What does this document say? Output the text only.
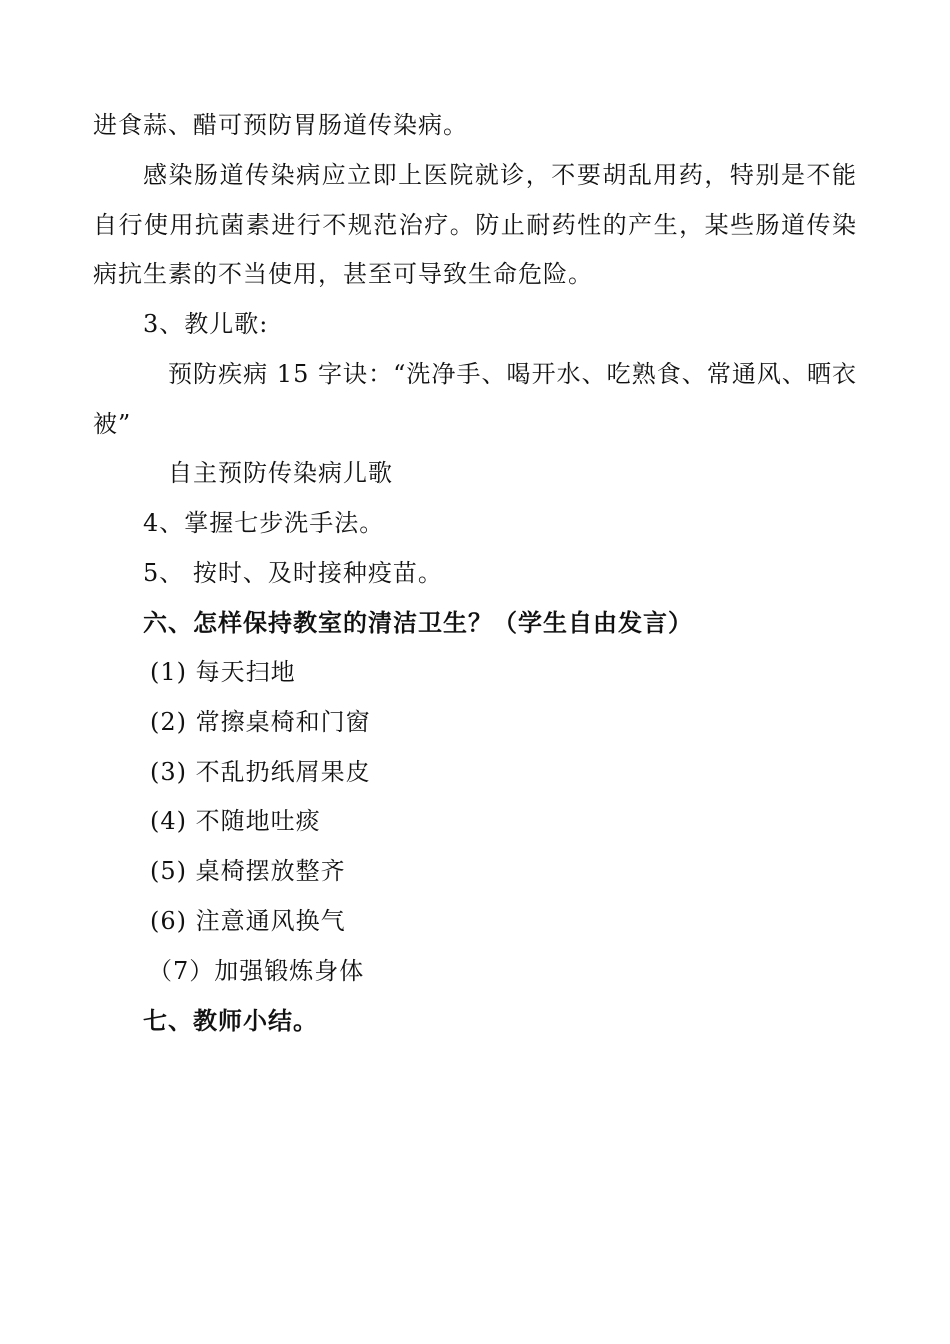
进食蒜、醋可预防胃肠道传染病。
感染肠道传染病应立即上医院就诊，不要胡乱用药，特别是不能
自行使用抗菌素进行不规范治疗。防止耐药性的产生，某些肠道传染
病抗生素的不当使用，甚至可导致生命危险。
3、教儿歌:
预防疾病 15 字诀：“洗净手、喝开水、吃熟食、常通风、晒衣
被”
自主预防传染病儿歌
4、掌握七步洗手法。
5、 按时、及时接种疫苗。
六、怎样保持教室的清洁卫生？（学生自由发言）
(1) 每天扫地
(2) 常擦桌椅和门窗
(3) 不乱扔纸屑果皮
(4) 不随地吐痰
(5) 桌椅摆放整齐
(6) 注意通风换气
（7）加强锻炼身体
七、教师小结。
